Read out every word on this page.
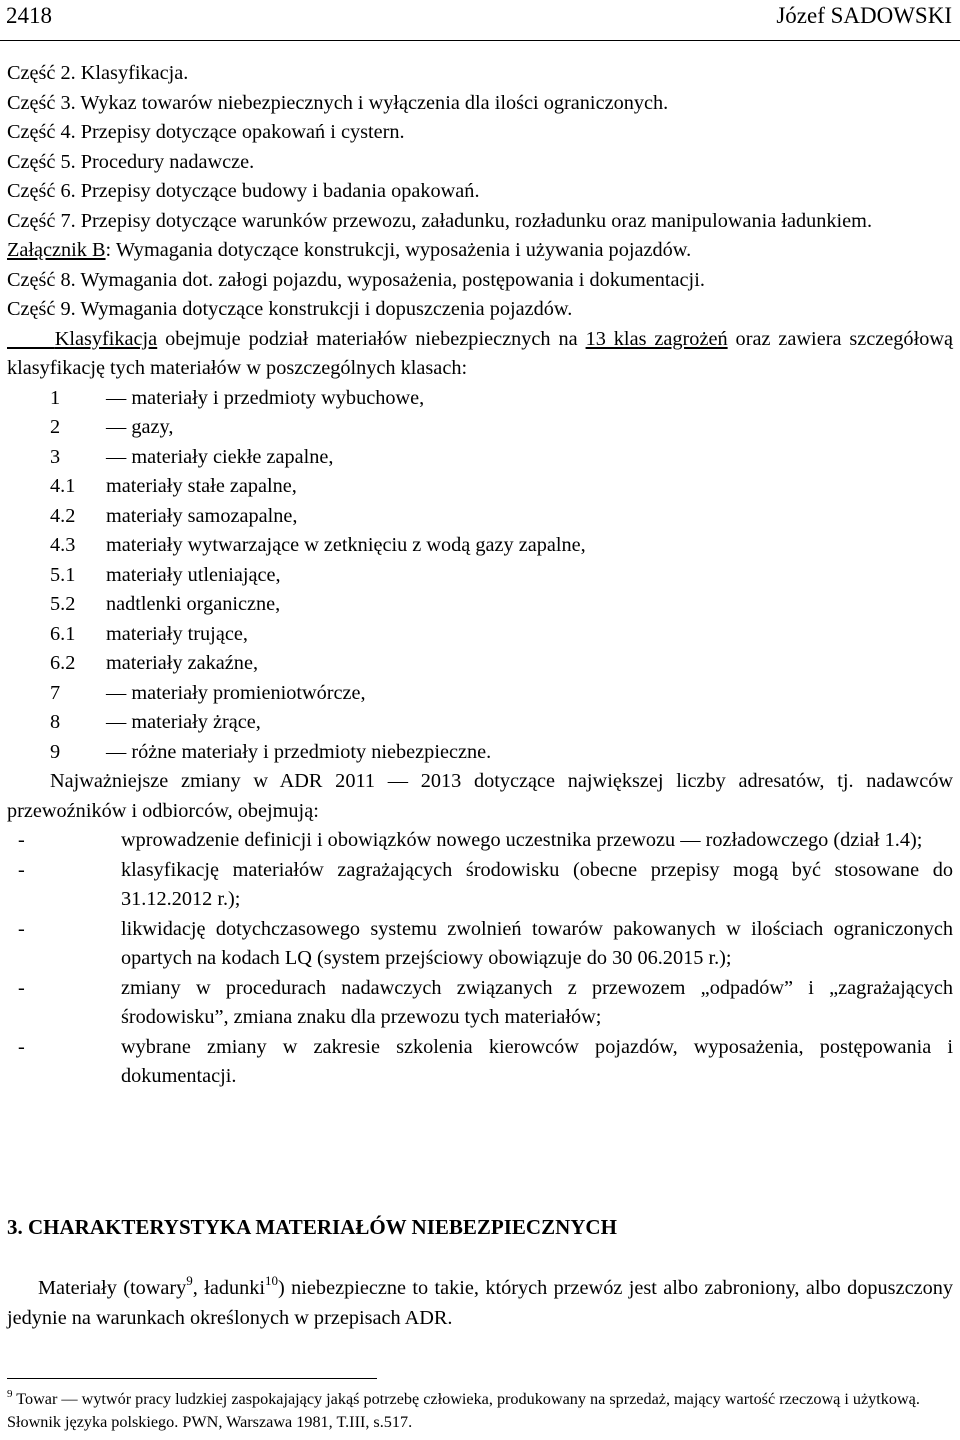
2418	Józef SADOWSKI
Część 2. Klasyfikacja.
Część 3. Wykaz towarów niebezpiecznych i wyłączenia dla ilości ograniczonych.
Część 4. Przepisy dotyczące opakowań i cystern.
Część 5. Procedury nadawcze.
Część 6. Przepisy dotyczące budowy i badania opakowań.
Część 7. Przepisy dotyczące warunków przewozu, załadunku, rozładunku oraz manipulowania ładunkiem.
Załącznik B: Wymagania dotyczące konstrukcji, wyposażenia i używania pojazdów.
Część 8. Wymagania dot. załogi pojazdu, wyposażenia, postępowania i dokumentacji.
Część 9. Wymagania dotyczące konstrukcji i dopuszczenia pojazdów.
Klasyfikacja obejmuje podział materiałów niebezpiecznych na 13 klas zagrożeń oraz zawiera szczegółową klasyfikację tych materiałów w poszczególnych klasach:
1 — materiały i przedmioty wybuchowe,
2 — gazy,
3 — materiały ciekłe zapalne,
4.1 materiały stałe zapalne,
4.2 materiały samozapalne,
4.3 materiały wytwarzające w zetknięciu z wodą gazy zapalne,
5.1 materiały utleniające,
5.2 nadtlenki organiczne,
6.1 materiały trujące,
6.2 materiały zakaźne,
7 — materiały promieniotwórcze,
8 — materiały żrące,
9 — różne materiały i przedmioty niebezpieczne.
Najważniejsze zmiany w ADR 2011 — 2013 dotyczące największej liczby adresatów, tj. nadawców przewoźników i odbiorców, obejmują:
-	wprowadzenie definicji i obowiązków nowego uczestnika przewozu — rozładowczego (dział 1.4);
-	klasyfikację materiałów zagrażających środowisku (obecne przepisy mogą być stosowane do 31.12.2012 r.);
-	likwidację dotychczasowego systemu zwolnień towarów pakowanych w ilościach ograniczonych opartych na kodach LQ (system przejściowy obowiązuje do 30 06.2015 r.);
-	zmiany w procedurach nadawczych związanych z przewozem „odpadów” i „zagrażających środowisku”, zmiana znaku dla przewozu tych materiałów;
-	wybrane zmiany w zakresie szkolenia kierowców pojazdów, wyposażenia, postępowania i dokumentacji.
3. CHARAKTERYSTYKA MATERIAŁÓW NIEBEZPIECZNYCH
Materiały (towary$^9$, ładunki$^{10}$) niebezpieczne to takie, których przewóz jest albo zabroniony, albo dopuszczony jedynie na warunkach określonych w przepisach ADR.
$^9$ Towar — wytwór pracy ludzkiej zaspokajający jakąś potrzebę człowieka, produkowany na sprzedaż, mający wartość rzeczową i użytkową. Słownik języka polskiego. PWN, Warszawa 1981, T.III, s.517.
